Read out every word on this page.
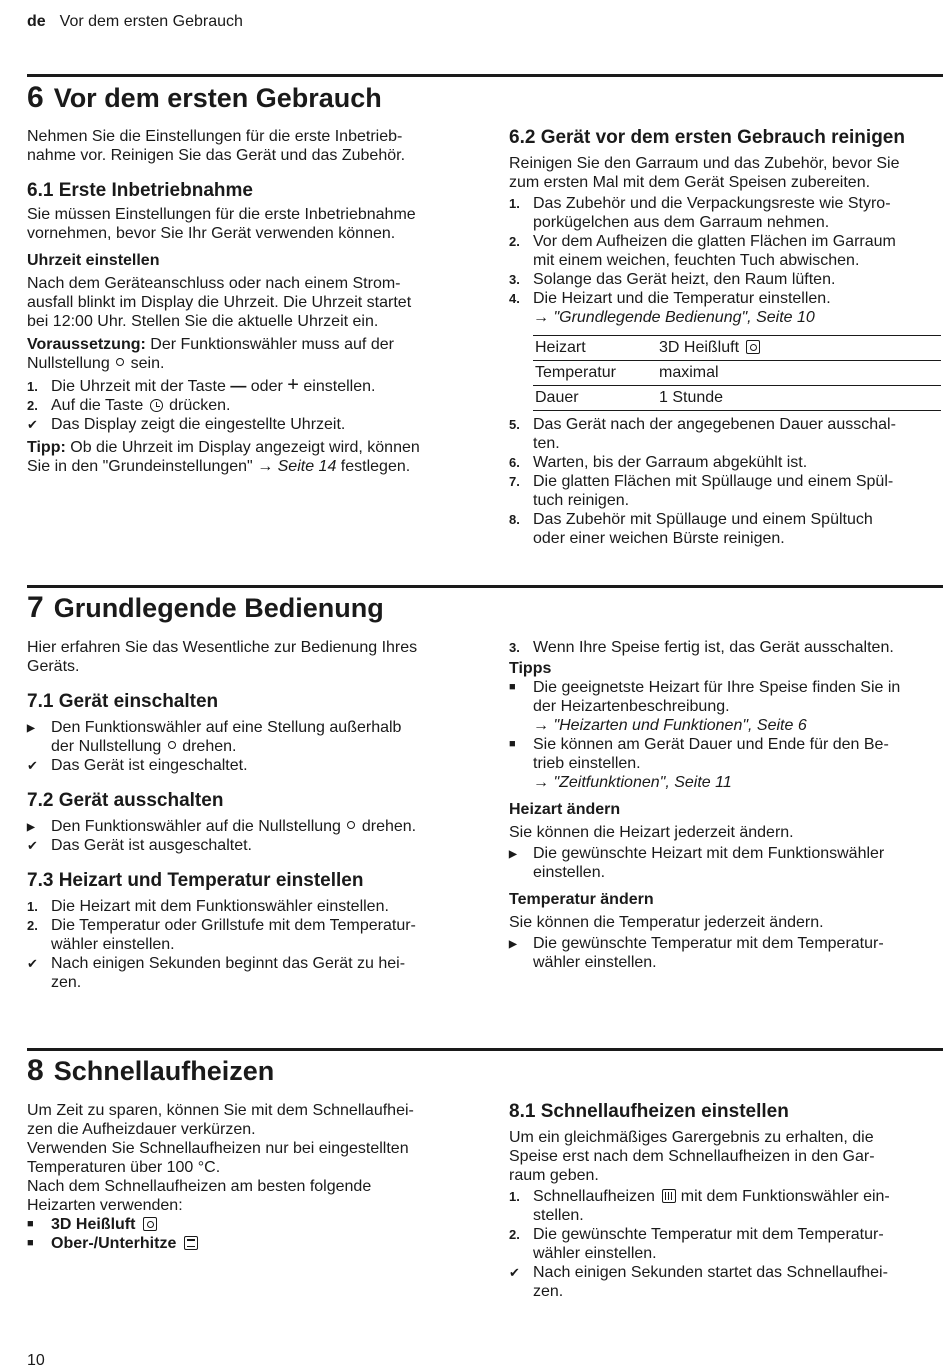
de Vor dem ersten Gebrauch
6 Vor dem ersten Gebrauch

Nehmen Sie die Einstellungen für die erste Inbetrieb-

nahme vor. Reinigen Sie das Gerät und das Zubehör.

6.1 Erste Inbetriebnahme

Sie müssen Einstellungen für die erste Inbetriebnahme

vornehmen, bevor Sie Ihr Gerät verwenden können.

Uhrzeit einstellen

Nach dem Geräteanschluss oder nach einem Strom-

ausfall blinkt im Display die Uhrzeit. Die Uhrzeit startet

bei 12:00 Uhr. Stellen Sie die aktuelle Uhrzeit ein.

Voraussetzung: Der Funktionswähler muss auf der

Nullstellung sein.

1. Die Uhrzeit mit der Taste — oder + einstellen.
2. Auf die Taste drücken.
✔ Das Display zeigt die eingestellte Uhrzeit.

Tipp: Ob die Uhrzeit im Display angezeigt wird, können

Sie in den "Grundeinstellungen" → Seite 14 festlegen.

6.2 Gerät vor dem ersten Gebrauch reinigen

Reinigen Sie den Garraum und das Zubehör, bevor Sie

zum ersten Mal mit dem Gerät Speisen zubereiten.

1. Das Zubehör und die Verpackungsreste wie Styro-

porkügelchen aus dem Garraum nehmen.

2. Vor dem Aufheizen die glatten Flächen im Garraum

mit einem weichen, feuchten Tuch abwischen.

3. Solange das Gerät heizt, den Raum lüften.

4. Die Heizart und die Temperatur einstellen.

→ "Grundlegende Bedienung", Seite 10

Heizart	3D Heißluft
Temperatur	maximal
Dauer	1 Stunde
5. Das Gerät nach der angegebenen Dauer ausschal-

ten.

6. Warten, bis der Garraum abgekühlt ist.

7. Die glatten Flächen mit Spüllauge und einem Spül-

tuch reinigen.

8. Das Zubehör mit Spüllauge und einem Spültuch

oder einer weichen Bürste reinigen.

7 Grundlegende Bedienung

Hier erfahren Sie das Wesentliche zur Bedienung Ihres

Geräts.

7.1 Gerät einschalten

▶ Den Funktionswähler auf eine Stellung außerhalb

der Nullstellung drehen.

✔ Das Gerät ist eingeschaltet.

7.2 Gerät ausschalten

▶ Den Funktionswähler auf die Nullstellung drehen.
✔ Das Gerät ist ausgeschaltet.

7.3 Heizart und Temperatur einstellen

1. Die Heizart mit dem Funktionswähler einstellen.

2. Die Temperatur oder Grillstufe mit dem Temperatur-

wähler einstellen.

✔ Nach einigen Sekunden beginnt das Gerät zu hei-

zen.

3. Wenn Ihre Speise fertig ist, das Gerät ausschalten.

Tipps

■ Die geeignetste Heizart für Ihre Speise finden Sie in

der Heizartenbeschreibung.

→ "Heizarten und Funktionen", Seite 6

■ Sie können am Gerät Dauer und Ende für den Be-

trieb einstellen.

→ "Zeitfunktionen", Seite 11

Heizart ändern

Sie können die Heizart jederzeit ändern.

▶ Die gewünschte Heizart mit dem Funktionswähler

einstellen.

Temperatur ändern

Sie können die Temperatur jederzeit ändern.

▶ Die gewünschte Temperatur mit dem Temperatur-

wähler einstellen.

8 Schnellaufheizen

Um Zeit zu sparen, können Sie mit dem Schnellaufhei-

zen die Aufheizdauer verkürzen.

Verwenden Sie Schnellaufheizen nur bei eingestellten

Temperaturen über 100 °C.

Nach dem Schnellaufheizen am besten folgende

Heizarten verwenden:

■ 3D Heißluft
■ Ober-/Unterhitze

8.1 Schnellaufheizen einstellen

Um ein gleichmäßiges Garergebnis zu erhalten, die

Speise erst nach dem Schnellaufheizen in den Gar-

raum geben.

1. Schnellaufheizen mit dem Funktionswähler ein-

stellen.

2. Die gewünschte Temperatur mit dem Temperatur-

wähler einstellen.

✔ Nach einigen Sekunden startet das Schnellaufhei-

zen.

10
